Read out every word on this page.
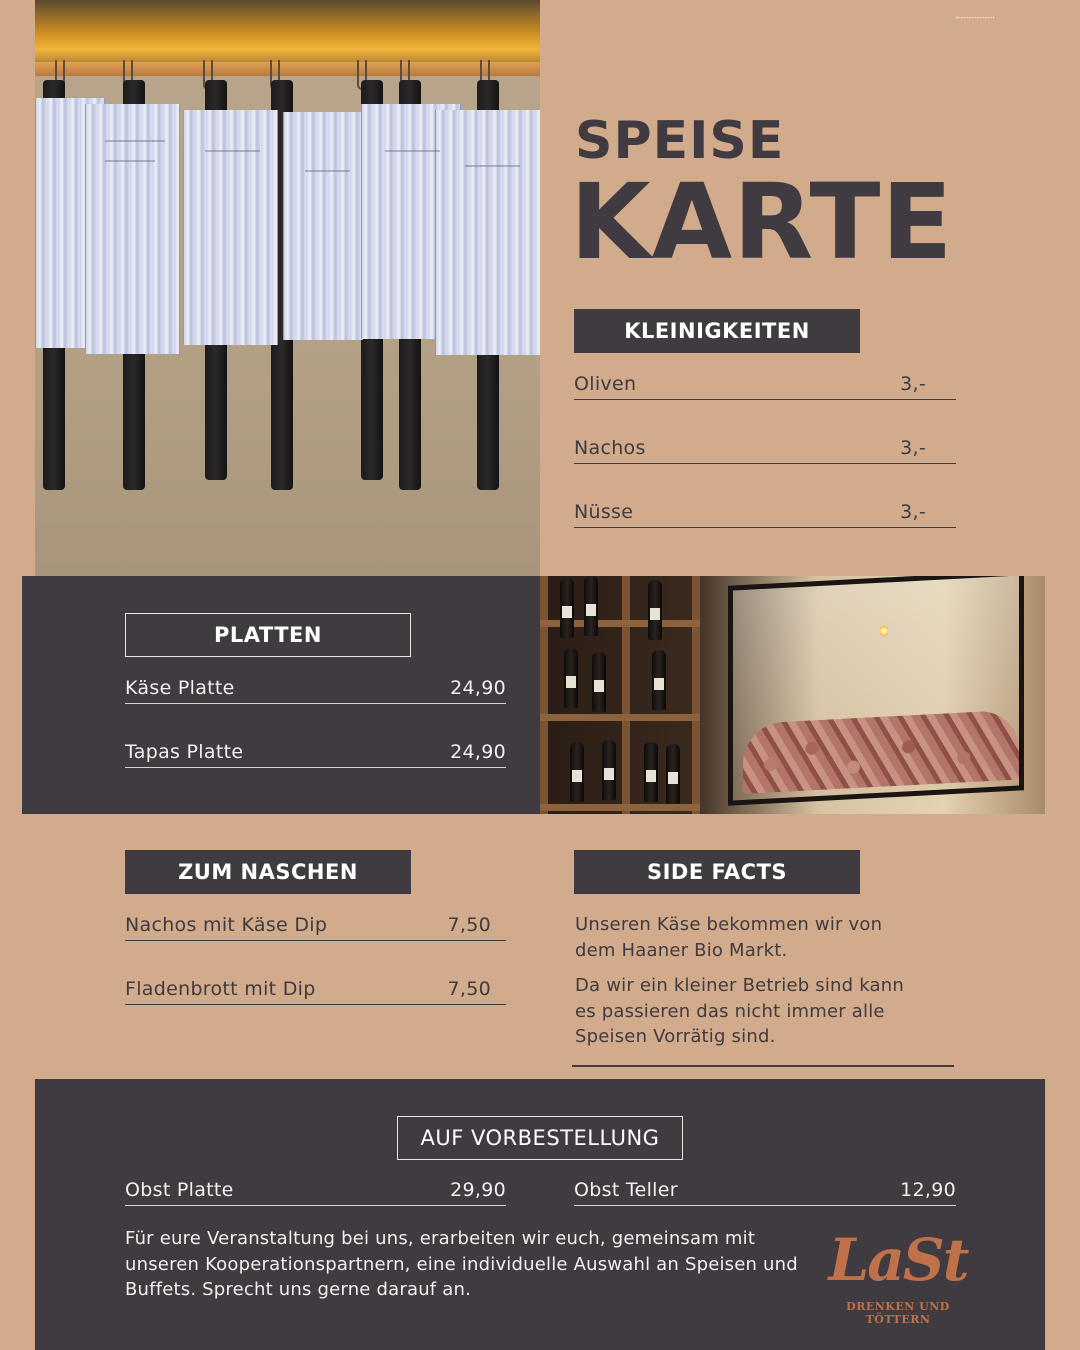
SPEISE
KARTE
KLEINIGKEITEN
Oliven	3,-
Nachos	3,-
Nüsse	3,-
PLATTEN
Käse Platte	24,90
Tapas Platte	24,90
ZUM NASCHEN
Nachos mit Käse Dip	7,50
Fladenbrott mit Dip	7,50
SIDE FACTS
Unseren Käse bekommen wir von dem Haaner Bio Markt.
Da wir ein kleiner Betrieb sind kann es passieren das nicht immer alle Speisen Vorrätig sind.
AUF VORBESTELLUNG
Obst Platte	29,90	Obst Teller	12,90
Für eure Veranstaltung bei uns, erarbeiten wir euch, gemeinsam mit unseren Kooperationspartnern, eine individuelle Auswahl an Speisen und Buffets. Sprecht uns gerne darauf an.	LaSt
DRENKEN UND TÖTTERN
